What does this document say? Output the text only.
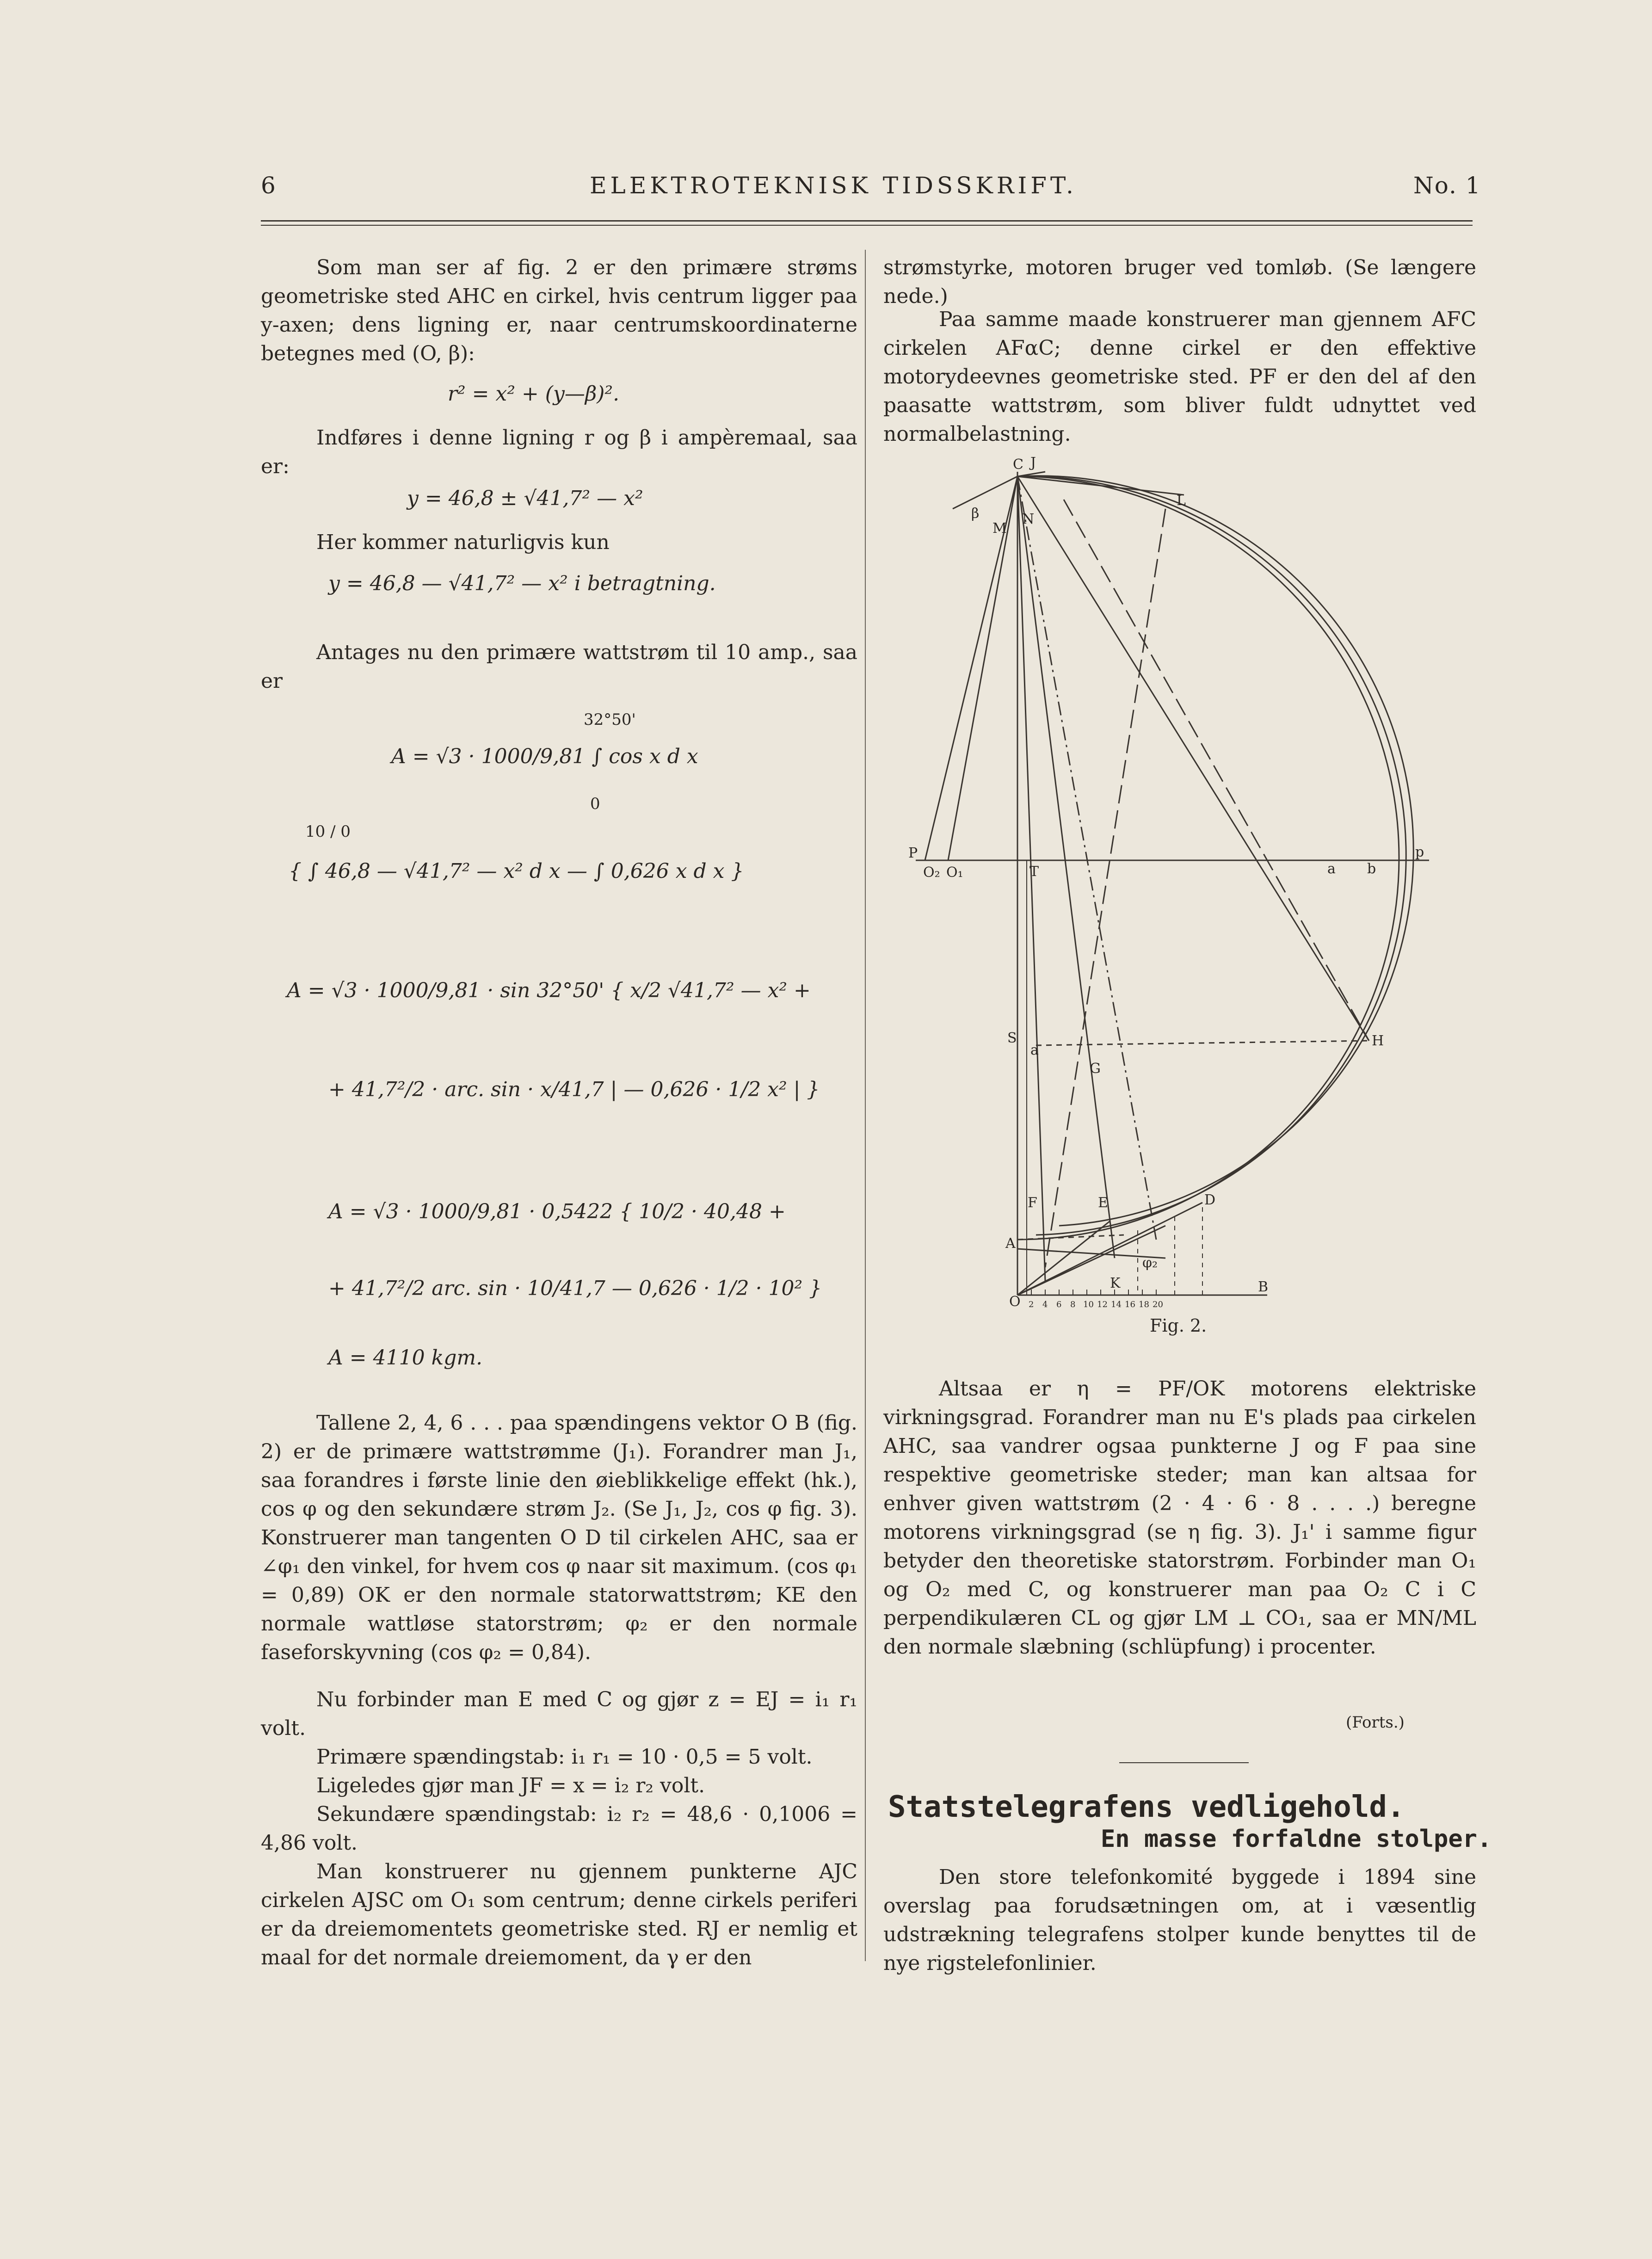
6	ELEKTROTEKNISK TIDSSKRIFT.	No. 1
Som man ser af fig. 2 er den primære strøms geometriske sted AHC en cirkel, hvis centrum ligger paa y-axen; dens ligning er, naar centrumskoordinaterne betegnes med (O, β):
r² = x² + (y—β)².
Indføres i denne ligning r og β i ampèremaal, saa er:
y = 46,8 ± √41,7² — x²
Her kommer naturligvis kun
y = 46,8 — √41,7² — x² i betragtning.
Antages nu den primære wattstrøm til 10 amp., saa er
32°50'
A = √3 · 1000/9,81 ∫ cos x d x
0
10 / 0
{ ∫ 46,8 — √41,7² — x² d x — ∫ 0,626 x d x }
A = √3 · 1000/9,81 · sin 32°50' { x/2 √41,7² — x² +
+ 41,7²/2 · arc. sin · x/41,7 | — 0,626 · 1/2 x² | }
A = √3 · 1000/9,81 · 0,5422 { 10/2 · 40,48 +
+ 41,7²/2 arc. sin · 10/41,7 — 0,626 · 1/2 · 10² }
A = 4110 kgm.
Tallene 2, 4, 6 . . . paa spændingens vektor O B (fig. 2) er de primære wattstrømme (J₁). Forandrer man J₁, saa forandres i første linie den øieblikkelige effekt (hk.), cos φ og den sekundære strøm J₂. (Se J₁, J₂, cos φ fig. 3). Konstruerer man tangenten O D til cirkelen AHC, saa er ∠φ₁ den vinkel, for hvem cos φ naar sit maximum. (cos φ₁ = 0,89) OK er den normale statorwattstrøm; KE den normale wattløse statorstrøm; φ₂ er den normale faseforskyvning (cos φ₂ = 0,84).
Nu forbinder man E med C og gjør z = EJ = i₁ r₁ volt.
Primære spændingstab: i₁ r₁ = 10 · 0,5 = 5 volt.
Ligeledes gjør man JF = x = i₂ r₂ volt.
Sekundære spændingstab: i₂ r₂ = 48,6 · 0,1006 = 4,86 volt.
Man konstruerer nu gjennem punkterne AJC cirkelen AJSC om O₁ som centrum; denne cirkels periferi er da dreiemomentets geometriske sted. RJ er nemlig et maal for det normale dreiemoment, da γ er den
strømstyrke, motoren bruger ved tomløb. (Se længere nede.)
Paa samme maade konstruerer man gjennem AFC cirkelen AFαC; denne cirkel er den effektive motorydeevnes geometriske sted. PF er den del af den paasatte wattstrøm, som bliver fuldt udnyttet ved normalbelastning.
C J
L
M
N
β
P
O₂ O₁	T	a b
p
S
a
G
H
F	E	D
A
K
φ₂
O
B
2 4 6 8 10 12 14 16 18 20
Fig. 2.
Altsaa er η = PF/OK motorens elektriske virkningsgrad. Forandrer man nu E's plads paa cirkelen AHC, saa vandrer ogsaa punkterne J og F paa sine respektive geometriske steder; man kan altsaa for enhver given wattstrøm (2 · 4 · 6 · 8 . . . .) beregne motorens virkningsgrad (se η fig. 3). J₁' i samme figur betyder den theoretiske statorstrøm. Forbinder man O₁ og O₂ med C, og konstruerer man paa O₂ C i C perpendikulæren CL og gjør LM ⊥ CO₁, saa er MN/ML den normale slæbning (schlüpfung) i procenter.
(Forts.)
Statstelegrafens vedligehold.
En masse forfaldne stolper.
Den store telefonkomité byggede i 1894 sine overslag paa forudsætningen om, at i væsentlig udstrækning telegrafens stolper kunde benyttes til de nye rigstelefonlinier.
